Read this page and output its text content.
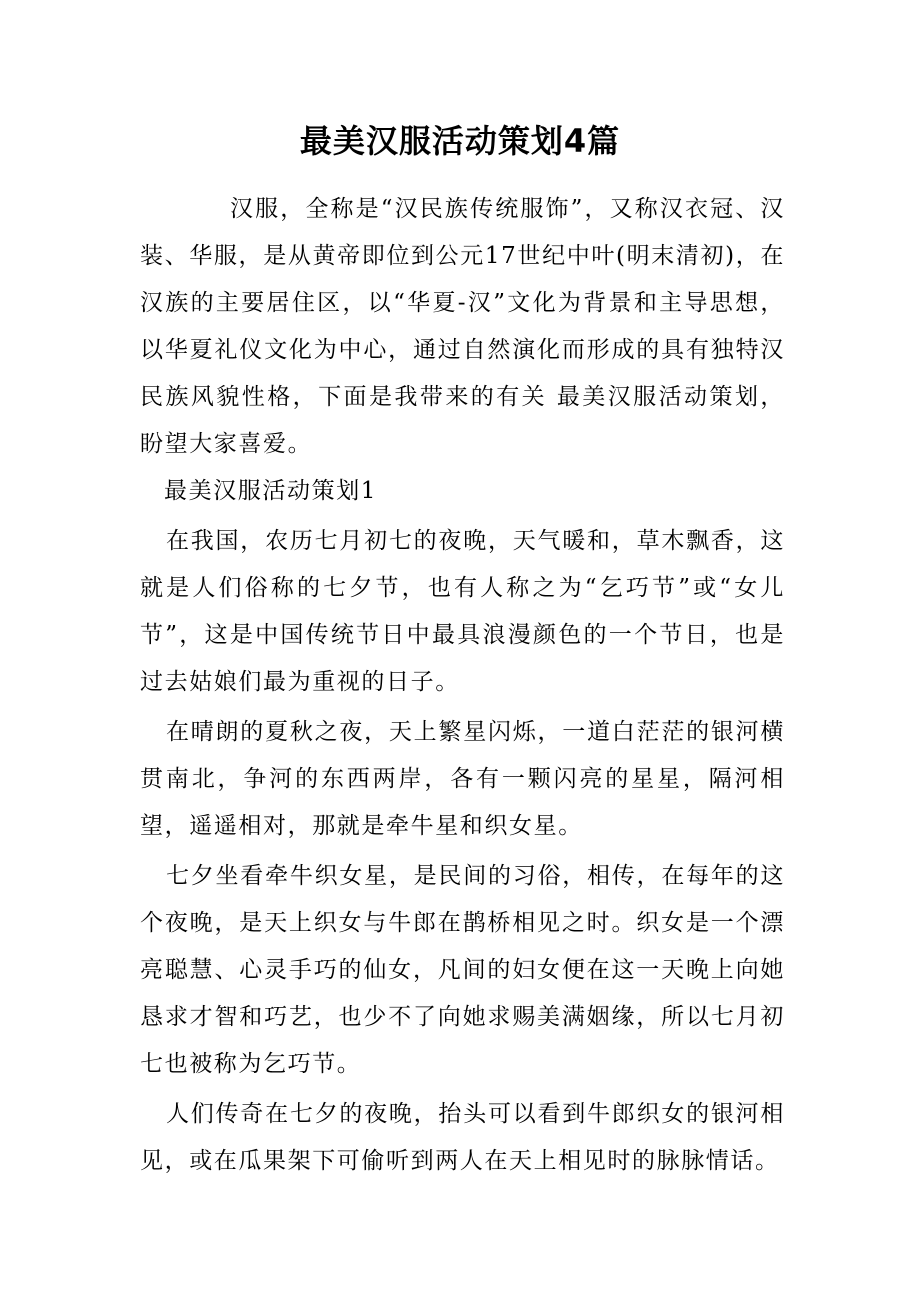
最美汉服活动策划4篇

汉服，全称是“汉民族传统服饰”，又称汉衣冠、汉装、华服，是从黄帝即位到公元17世纪中叶(明末清初)，在汉族的主要居住区，以“华夏-汉”文化为背景和主导思想，以华夏礼仪文化为中心，通过自然演化而形成的具有独特汉民族风貌性格，下面是我带来的有关 最美汉服活动策划，盼望大家喜爱。

最美汉服活动策划1

在我国，农历七月初七的夜晚，天气暖和，草木飘香，这就是人们俗称的七夕节，也有人称之为“乞巧节”或“女儿节”，这是中国传统节日中最具浪漫颜色的一个节日，也是过去姑娘们最为重视的日子。

在晴朗的夏秋之夜，天上繁星闪烁，一道白茫茫的银河横贯南北，争河的东西两岸，各有一颗闪亮的星星，隔河相望，遥遥相对，那就是牵牛星和织女星。

七夕坐看牵牛织女星，是民间的习俗，相传，在每年的这个夜晚，是天上织女与牛郎在鹊桥相见之时。织女是一个漂亮聪慧、心灵手巧的仙女，凡间的妇女便在这一天晚上向她恳求才智和巧艺，也少不了向她求赐美满姻缘，所以七月初七也被称为乞巧节。

人们传奇在七夕的夜晚，抬头可以看到牛郎织女的银河相见，或在瓜果架下可偷听到两人在天上相见时的脉脉情话。
